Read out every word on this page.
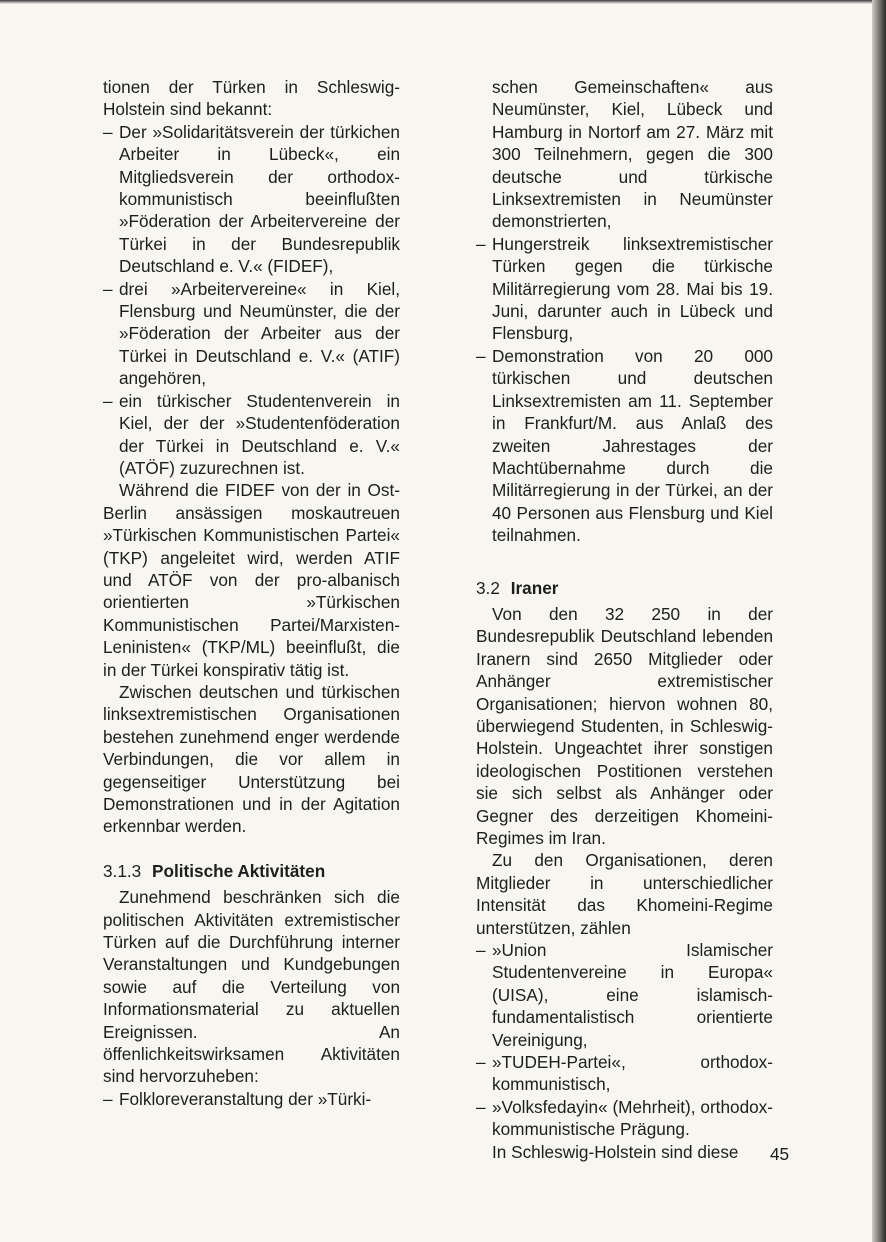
tionen der Türken in Schleswig-Holstein sind bekannt:

– Der »Solidaritätsverein der türkichen Arbeiter in Lübeck«, ein Mitgliedsverein der orthodox-kommunistisch beeinflußten »Föderation der Arbeitervereine der Türkei in der Bundesrepublik Deutschland e. V.« (FIDEF),
– drei »Arbeitervereine« in Kiel, Flensburg und Neumünster, die der »Föderation der Arbeiter aus der Türkei in Deutschland e. V.« (ATIF) angehören,
– ein türkischer Studentenverein in Kiel, der der »Studentenföderation der Türkei in Deutschland e. V.« (ATÖF) zuzurechnen ist.

Während die FIDEF von der in Ost-Berlin ansässigen moskautreuen »Türkischen Kommunistischen Partei« (TKP) angeleitet wird, werden ATIF und ATÖF von der pro-albanisch orientierten »Türkischen Kommunistischen Partei/Marxisten-Leninisten« (TKP/ML) beeinflußt, die in der Türkei konspirativ tätig ist.

Zwischen deutschen und türkischen linksextremistischen Organisationen bestehen zunehmend enger werdende Verbindungen, die vor allem in gegenseitiger Unterstützung bei Demonstrationen und in der Agitation erkennbar werden.

3.1.3 Politische Aktivitäten

Zunehmend beschränken sich die politischen Aktivitäten extremistischer Türken auf die Durchführung interner Veranstaltungen und Kundgebungen sowie auf die Verteilung von Informationsmaterial zu aktuellen Ereignissen. An öffenlichkeitswirksamen Aktivitäten sind hervorzuheben:

– Folkloreveranstaltung der »Türki-

schen Gemeinschaften« aus Neumünster, Kiel, Lübeck und Hamburg in Nortorf am 27. März mit 300 Teilnehmern, gegen die 300 deutsche und türkische Linksextremisten in Neumünster demonstrierten,

– Hungerstreik linksextremistischer Türken gegen die türkische Militärregierung vom 28. Mai bis 19. Juni, darunter auch in Lübeck und Flensburg,
– Demonstration von 20 000 türkischen und deutschen Linksextremisten am 11. September in Frankfurt/M. aus Anlaß des zweiten Jahrestages der Machtübernahme durch die Militärregierung in der Türkei, an der 40 Personen aus Flensburg und Kiel teilnahmen.
3.2 Iraner

Von den 32 250 in der Bundesrepublik Deutschland lebenden Iranern sind 2650 Mitglieder oder Anhänger extremistischer Organisationen; hiervon wohnen 80, überwiegend Studenten, in Schleswig-Holstein. Ungeachtet ihrer sonstigen ideologischen Postitionen verstehen sie sich selbst als Anhänger oder Gegner des derzeitigen Khomeini-Regimes im Iran.

Zu den Organisationen, deren Mitglieder in unterschiedlicher Intensität das Khomeini-Regime unterstützen, zählen

– »Union Islamischer Studentenvereine in Europa« (UISA), eine islamisch-fundamentalistisch orientierte Vereinigung,
– »TUDEH-Partei«, orthodox-kommunistisch,
– »Volksfedayin« (Mehrheit), orthodox-kommunistische Prägung.

In Schleswig-Holstein sind diese	45
